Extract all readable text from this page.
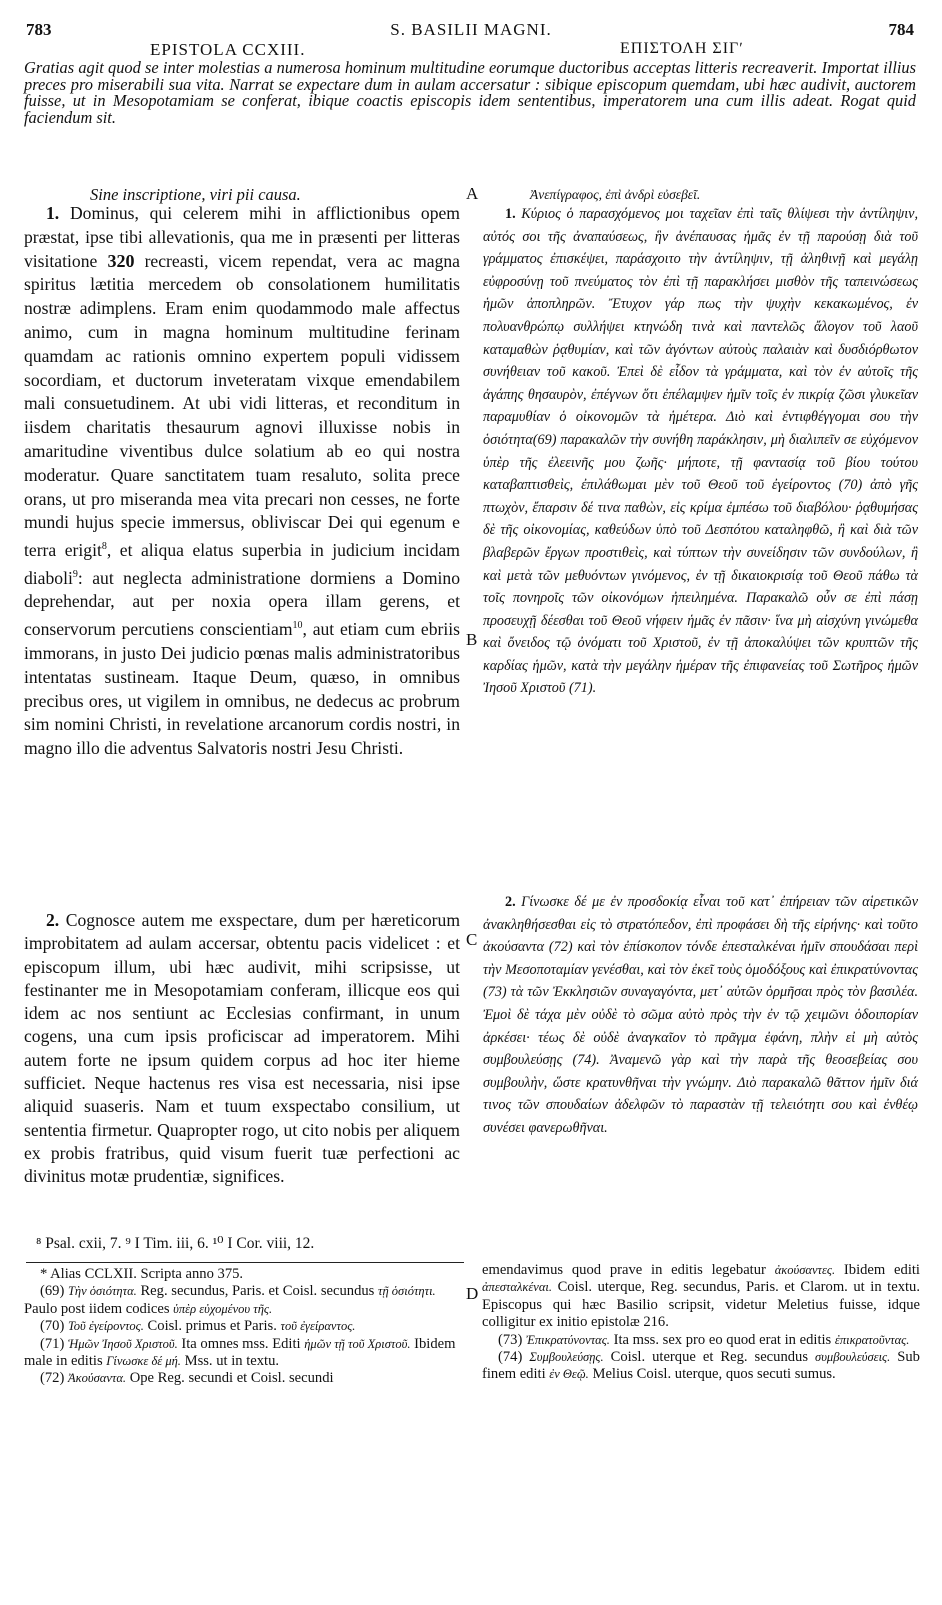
783	S. BASILII MAGNI.	784
EPISTOLA CCXIII.	ΕΠΙΣΤΟΛΗ ΣΙΓʹ
Gratias agit quod se inter molestias a numerosa hominum multitudine eorumque ductoribus acceptas litteris recreaverit. Importat illius preces pro miserabili sua vita. Narrat se expectare dum in aulam accersatur : sibique episcopum quemdam, ubi hæc audivit, auctorem fuisse, ut in Mesopotamiam se conferat, ibique coactis episcopis idem sententibus, imperatorem una cum illis adeat. Rogat quid faciendum sit.
Sine inscriptione, viri pii causa.	A	Ἀνεπίγραφος, ἐπὶ ἀνδρὶ εὐσεβεῖ.

1. Dominus, qui celerem mihi in afflictionibus opem præstat, ipse tibi allevationis, qua me in præsenti per litteras visitatione 320 recreasti, vicem rependat, vera ac magna spiritus lætitia mercedem ob consolationem humilitatis nostræ adimplens. Eram enim quodammodo male affectus animo, cum in magna hominum multitudine ferinam quamdam ac rationis omnino expertem populi vidissem socordiam, et ductorum inveteratam vixque emendabilem mali consuetudinem. At ubi vidi litteras, et reconditum in iisdem charitatis thesaurum agnovi illuxisse nobis in amaritudine viventibus dulce solatium ab eo qui nostra moderatur. Quare sanctitatem tuam resaluto, solita prece orans, ut pro miseranda mea vita precari non cesses, ne forte mundi hujus specie immersus, obliviscar Dei qui egenum e terra erigit$^8$, et aliqua elatus superbia in judicium incidam diaboli$^9$: aut neglecta administratione dormiens a Domino deprehendar, aut per noxia opera illam gerens, et conservorum percutiens conscientiam$^{10}$, aut etiam cum ebriis immorans, in justo Dei judicio pœnas malis administratoribus intentatas sustineam. Itaque Deum, quæso, in omnibus precibus ores, ut vigilem in omnibus, ne dedecus ac probrum sim nomini Christi, in revelatione arcanorum cordis nostri, in magno illo die adventus Salvatoris nostri Jesu Christi.

B

2. Cognosce autem me exspectare, dum per hæreticorum improbitatem ad aulam accersar, obtentu pacis videlicet : et episcopum illum, ubi hæc audivit, mihi scripsisse, ut festinanter me in Mesopotamiam conferam, illicque eos qui idem ac nos sentiunt ac Ecclesias confirmant, in unum cogens, una cum ipsis proficiscar ad imperatorem. Mihi autem forte ne ipsum quidem corpus ad hoc iter hieme sufficiet. Neque hactenus res visa est necessaria, nisi ipse aliquid suaseris. Nam et tuum exspectabo consilium, ut sententia firmetur. Quapropter rogo, ut cito nobis per aliquem ex probis fratribus, quid visum fuerit tuæ perfectioni ac divinitus motæ prudentiæ, significes.

C

1. Κύριος ὁ παρασχόμενος μοι ταχεῖαν ἐπὶ ταῖς θλίψεσι τὴν ἀντίληψιν, αὐτός σοι τῆς ἀναπαύσεως, ἣν ἀνέπαυσας ἡμᾶς ἐν τῇ παρούσῃ διὰ τοῦ γράμματος ἐπισκέψει, παράσχοιτο τὴν ἀντίληψιν, τῇ ἀληθινῇ καὶ μεγάλῃ εὐφροσύνῃ τοῦ πνεύματος τὸν ἐπὶ τῇ παρακλήσει μισθὸν τῆς ταπεινώσεως ἡμῶν ἀποπληρῶν. Ἔτυχον γάρ πως τὴν ψυχὴν κεκακωμένος, ἐν πολυανθρώπῳ συλλήψει κτηνώδη τινὰ καὶ παντελῶς ἄλογον τοῦ λαοῦ καταμαθὼν ῥᾳθυμίαν, καὶ τῶν ἀγόντων αὐτοὺς παλαιὰν καὶ δυσδιόρθωτον συνήθειαν τοῦ κακοῦ. Ἐπεὶ δὲ εἶδον τὰ γράμματα, καὶ τὸν ἐν αὐτοῖς τῆς ἀγάπης θησαυρὸν, ἐπέγνων ὅτι ἐπέλαμψεν ἡμῖν τοῖς ἐν πικρίᾳ ζῶσι γλυκεῖαν παραμυθίαν ὁ οἰκονομῶν τὰ ἡμέτερα. Διὸ καὶ ἐντιφθέγγομαι σου τὴν ὁσιότητα(69) παρακαλῶν τὴν συνήθη παράκλησιν, μὴ διαλιπεῖν σε εὐχόμενον ὑπὲρ τῆς ἐλεεινῆς μου ζωῆς· μήποτε, τῇ φαντασίᾳ τοῦ βίου τούτου καταβαπτισθεὶς, ἐπιλάθωμαι μὲν τοῦ Θεοῦ τοῦ ἐγείροντος (70) ἀπὸ γῆς πτωχὸν, ἔπαρσιν δέ τινα παθὼν, εἰς κρίμα ἐμπέσω τοῦ διαβόλου· ῥᾳθυμήσας δὲ τῆς οἰκονομίας, καθεύδων ὑπὸ τοῦ Δεσπότου καταληφθῶ, ἢ καὶ διὰ τῶν βλαβερῶν ἔργων προστιθεὶς, καὶ τύπτων τὴν συνείδησιν τῶν συνδούλων, ἢ καὶ μετὰ τῶν μεθυόντων γινόμενος, ἐν τῇ δικαιοκρισίᾳ τοῦ Θεοῦ πάθω τὰ τοῖς πονηροῖς τῶν οἰκονόμων ἠπειλημένα. Παρακαλῶ οὖν σε ἐπὶ πάσῃ προσευχῇ δέεσθαι τοῦ Θεοῦ νήφειν ἡμᾶς ἐν πᾶσιν· ἵνα μὴ αἰσχύνη γινώμεθα καὶ ὄνειδος τῷ ὀνόματι τοῦ Χριστοῦ, ἐν τῇ ἀποκαλύψει τῶν κρυπτῶν τῆς καρδίας ἡμῶν, κατὰ τὴν μεγάλην ἡμέραν τῆς ἐπιφανείας τοῦ Σωτῆρος ἡμῶν Ἰησοῦ Χριστοῦ (71).

2. Γίνωσκε δέ με ἐν προσδοκίᾳ εἶναι τοῦ κατ᾽ ἐπήρειαν τῶν αἱρετικῶν ἀνακληθήσεσθαι εἰς τὸ στρατόπεδον, ἐπὶ προφάσει δὴ τῆς εἰρήνης· καὶ τοῦτο ἀκούσαντα (72) καὶ τὸν ἐπίσκοπον τόνδε ἐπεσταλκέναι ἡμῖν σπουδάσαι περὶ τὴν Μεσοποταμίαν γενέσθαι, καὶ τὸν ἐκεῖ τοὺς ὁμοδόξους καὶ ἐπικρατύνοντας (73) τὰ τῶν Ἐκκλησιῶν συναγαγόντα, μετ᾽ αὐτῶν ὁρμῆσαι πρὸς τὸν βασιλέα. Ἐμοὶ δὲ τάχα μὲν οὐδὲ τὸ σῶμα αὐτὸ πρὸς τὴν ἐν τῷ χειμῶνι ὁδοιπορίαν ἀρκέσει· τέως δὲ οὐδὲ ἀναγκαῖον τὸ πρᾶγμα ἐφάνη, πλὴν εἰ μὴ αὐτὸς συμβουλεύσῃς (74). Ἀναμενῶ γὰρ καὶ τὴν παρὰ τῆς θεοσεβείας σου συμβουλὴν, ὥστε κρατυνθῆναι τὴν γνώμην. Διὸ παρακαλῶ θᾶττον ἡμῖν διά τινος τῶν σπουδαίων ἀδελφῶν τὸ παραστὰν τῇ τελειότητι σου καὶ ἐνθέῳ συνέσει φανερωθῆναι.

⁸ Psal. cxii, 7. ⁹ I Tim. iii, 6. ¹⁰ I Cor. viii, 12.

* Alias CCLXII. Scripta anno 375.

(69) Τὴν ὁσιότητα. Reg. secundus, Paris. et Coisl. secundus τῇ ὁσιότητι. Paulo post iidem codices ὑπὲρ εὐχομένου τῆς.

(70) Τοῦ ἐγείροντος. Coisl. primus et Paris. τοῦ ἐγείραντος.

(71) Ἡμῶν Ἰησοῦ Χριστοῦ. Ita omnes mss. Editi ἡμῶν τῇ τοῦ Χριστοῦ. Ibidem male in editis Γίνωσκε δέ μή. Mss. ut in textu.

(72) Ἀκούσαντα. Ope Reg. secundi et Coisl. secundi

D

emendavimus quod prave in editis legebatur ἀκούσαντες. Ibidem editi ἀπεσταλκέναι. Coisl. uterque, Reg. secundus, Paris. et Clarom. ut in textu. Episcopus qui hæc Basilio scripsit, videtur Meletius fuisse, idque colligitur ex initio epistolæ 216.

(73) Ἐπικρατύνοντας. Ita mss. sex pro eo quod erat in editis ἐπικρατοῦντας.

(74) Συμβουλεύσῃς. Coisl. uterque et Reg. secundus συμβουλεύσεις. Sub finem editi ἐν Θεῷ. Melius Coisl. uterque, quos secuti sumus.
